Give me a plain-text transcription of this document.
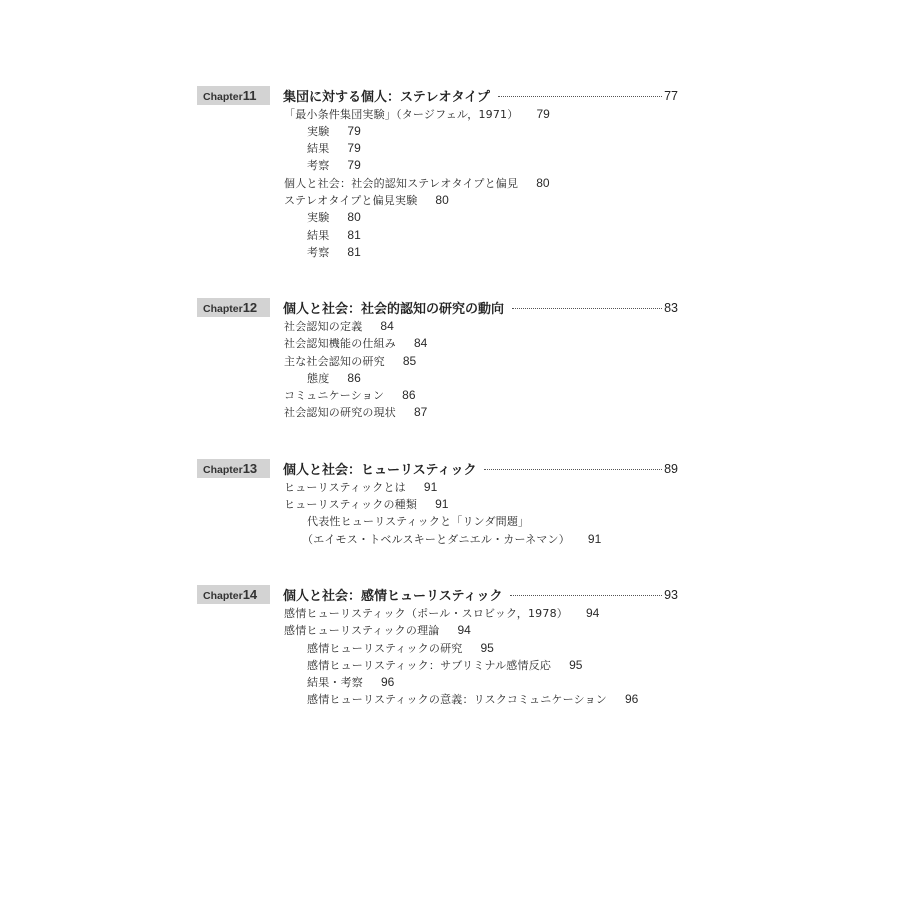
Chapter11	集団に対する個人：ステレオタイプ	77
「最小条件集団実験」（タージフェル，1971） 79
実験 79
結果 79
考察 79
個人と社会：社会的認知ステレオタイプと偏見 80
ステレオタイプと偏見実験 80
実験 80
結果 81
考察 81
Chapter12	個人と社会：社会的認知の研究の動向	83
社会認知の定義 84
社会認知機能の仕組み 84
主な社会認知の研究 85
態度 86
コミュニケーション 86
社会認知の研究の現状 87
Chapter13	個人と社会：ヒューリスティック	89
ヒューリスティックとは 91
ヒューリスティックの種類 91
代表性ヒューリスティックと「リンダ問題」
（エイモス・トベルスキーとダニエル・カーネマン） 91
Chapter14	個人と社会：感情ヒューリスティック	93
感情ヒューリスティック（ポール・スロビック，1978） 94
感情ヒューリスティックの理論 94
感情ヒューリスティックの研究 95
感情ヒューリスティック：サブリミナル感情反応 95
結果・考察 96
感情ヒューリスティックの意義：リスクコミュニケーション 96
